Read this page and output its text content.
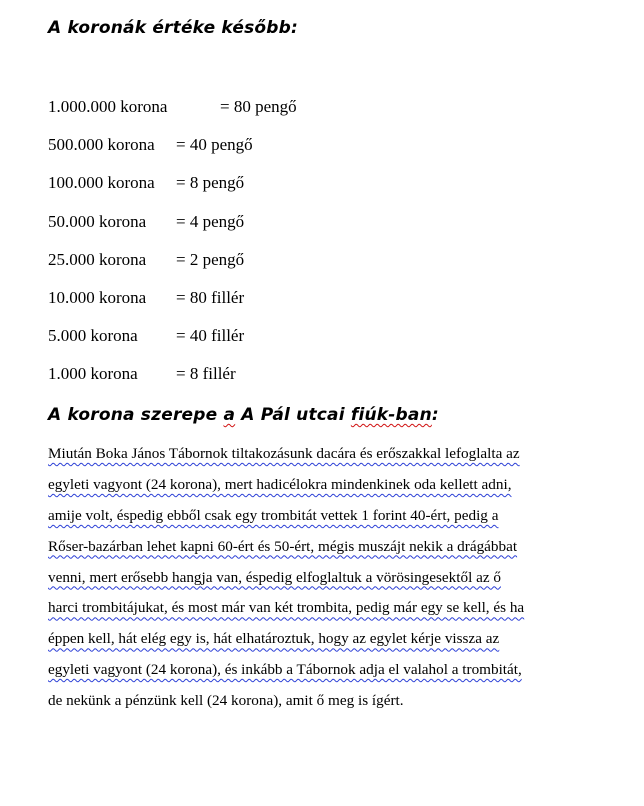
A koronák értéke később:
1.000.000 korona	= 80 pengő
500.000 korona = 40 pengő
100.000 korona = 8 pengő
50.000 korona = 4 pengő
25.000 korona = 2 pengő
10.000 korona = 80 fillér
5.000 korona = 40 fillér
1.000 korona = 8 fillér
A korona szerepe a A Pál utcai fiúk-ban:

Miután Boka János Tábornok tiltakozásunk dacára és erőszakkal lefoglalta az
egyleti vagyont (24 korona), mert hadicélokra mindenkinek oda kellett adni,
amije volt, éspedig ebből csak egy trombitát vettek 1 forint 40-ért, pedig a
Rőser-bazárban lehet kapni 60-ért és 50-ért, mégis muszájt nekik a drágábbat
venni, mert erősebb hangja van, éspedig elfoglaltuk a vörösingesektől az ő
harci trombitájukat, és most már van két trombita, pedig már egy se kell, és ha
éppen kell, hát elég egy is, hát elhatároztuk, hogy az egylet kérje vissza az
egyleti vagyont (24 korona), és inkább a Tábornok adja el valahol a trombitát,
de nekünk a pénzünk kell (24 korona), amit ő meg is ígért.
